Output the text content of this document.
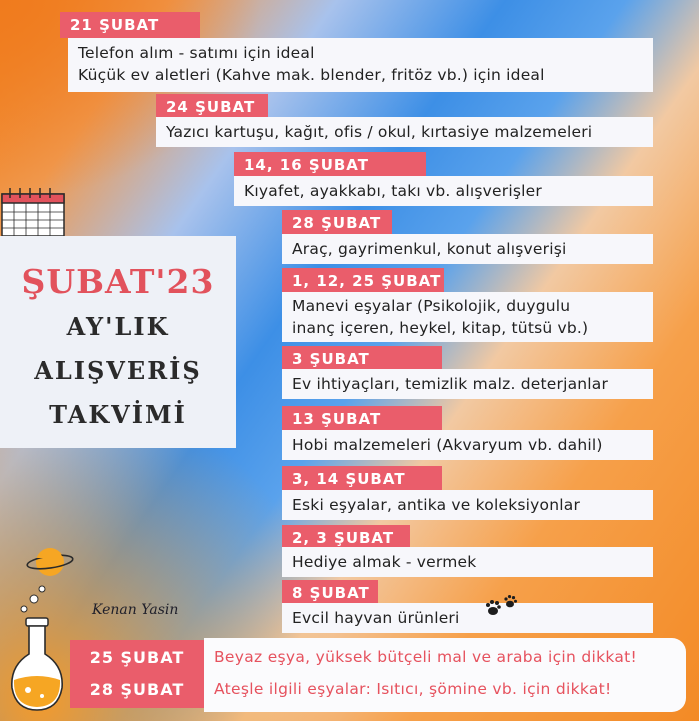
21 ŞUBAT
Telefon alım - satımı için ideal
Küçük ev aletleri (Kahve mak. blender, fritöz vb.) için ideal
24 ŞUBAT
Yazıcı kartuşu, kağıt, ofis / okul, kırtasiye malzemeleri
14, 16 ŞUBAT
Kıyafet, ayakkabı, takı vb. alışverişler
ŞUBAT'23
AY'LIK
ALIŞVERİŞ
TAKVİMİ
28 ŞUBAT
Araç, gayrimenkul, konut alışverişi
1, 12, 25 ŞUBAT
Manevi eşyalar (Psikolojik, duygulu
inanç içeren, heykel, kitap, tütsü vb.)
3 ŞUBAT
Ev ihtiyaçları, temizlik malz. deterjanlar
13 ŞUBAT
Hobi malzemeleri (Akvaryum vb. dahil)
3, 14 ŞUBAT
Eski eşyalar, antika ve koleksiyonlar
2, 3 ŞUBAT
Hediye almak - vermek
8 ŞUBAT
Evcil hayvan ürünleri
Kenan Yasin
25 ŞUBAT
28 ŞUBAT
Beyaz eşya, yüksek bütçeli mal ve araba için dikkat!
Ateşle ilgili eşyalar: Isıtıcı, şömine vb. için dikkat!
